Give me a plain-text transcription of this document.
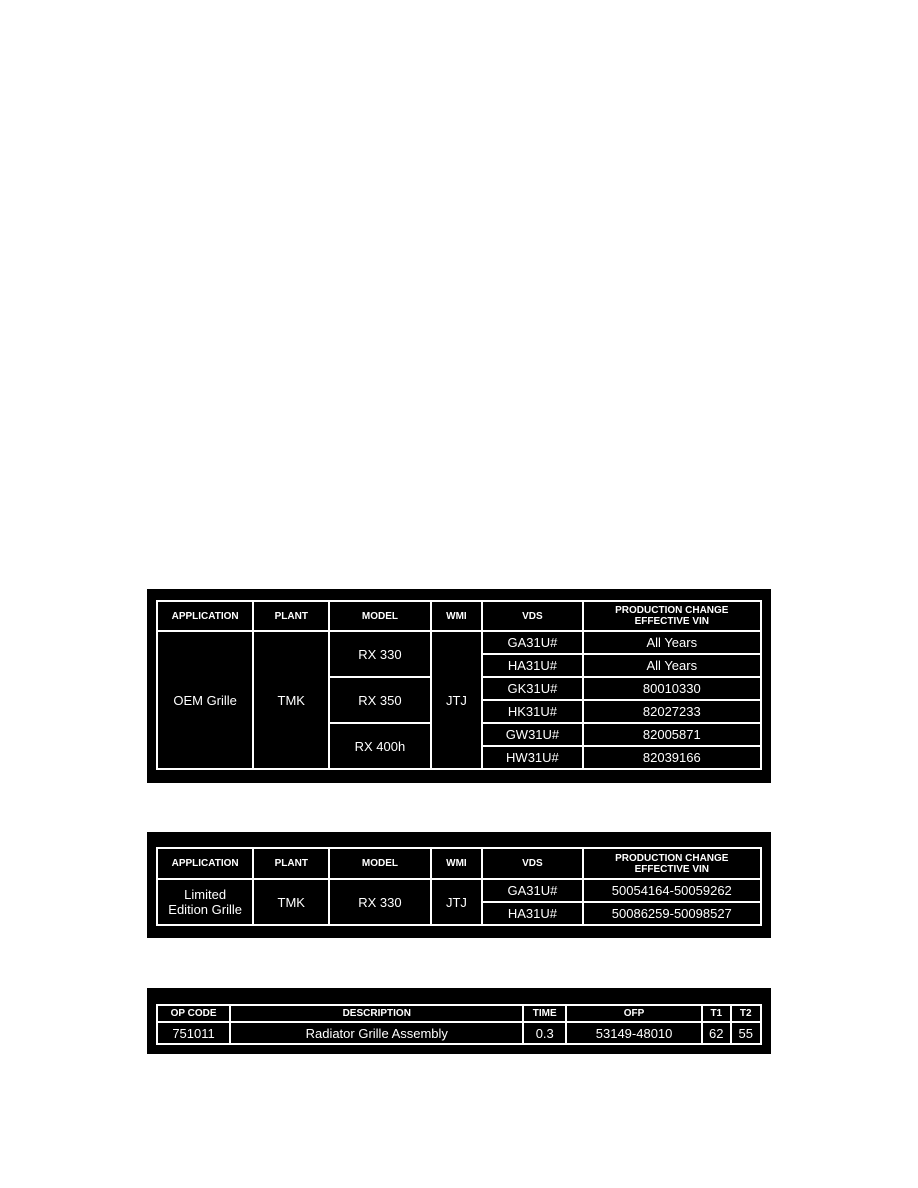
APPLICATION	PLANT	MODEL	WMI	VDS	PRODUCTION CHANGE
EFFECTIVE VIN
OEM Grille	TMK	RX 330	JTJ	GA31U#	All Years
				HA31U#	All Years
		RX 350		GK31U#	80010330
				HK31U#	82027233
		RX 400h		GW31U#	82005871
				HW31U#	82039166
APPLICATION	PLANT	MODEL	WMI	VDS	PRODUCTION CHANGE
EFFECTIVE VIN
Limited
Edition Grille	TMK	RX 330	JTJ	GA31U#	50054164-50059262
				HA31U#	50086259-50098527
OP CODE	DESCRIPTION	TIME	OFP	T1	T2
751011	Radiator Grille Assembly	0.3	53149-48010	62	55
